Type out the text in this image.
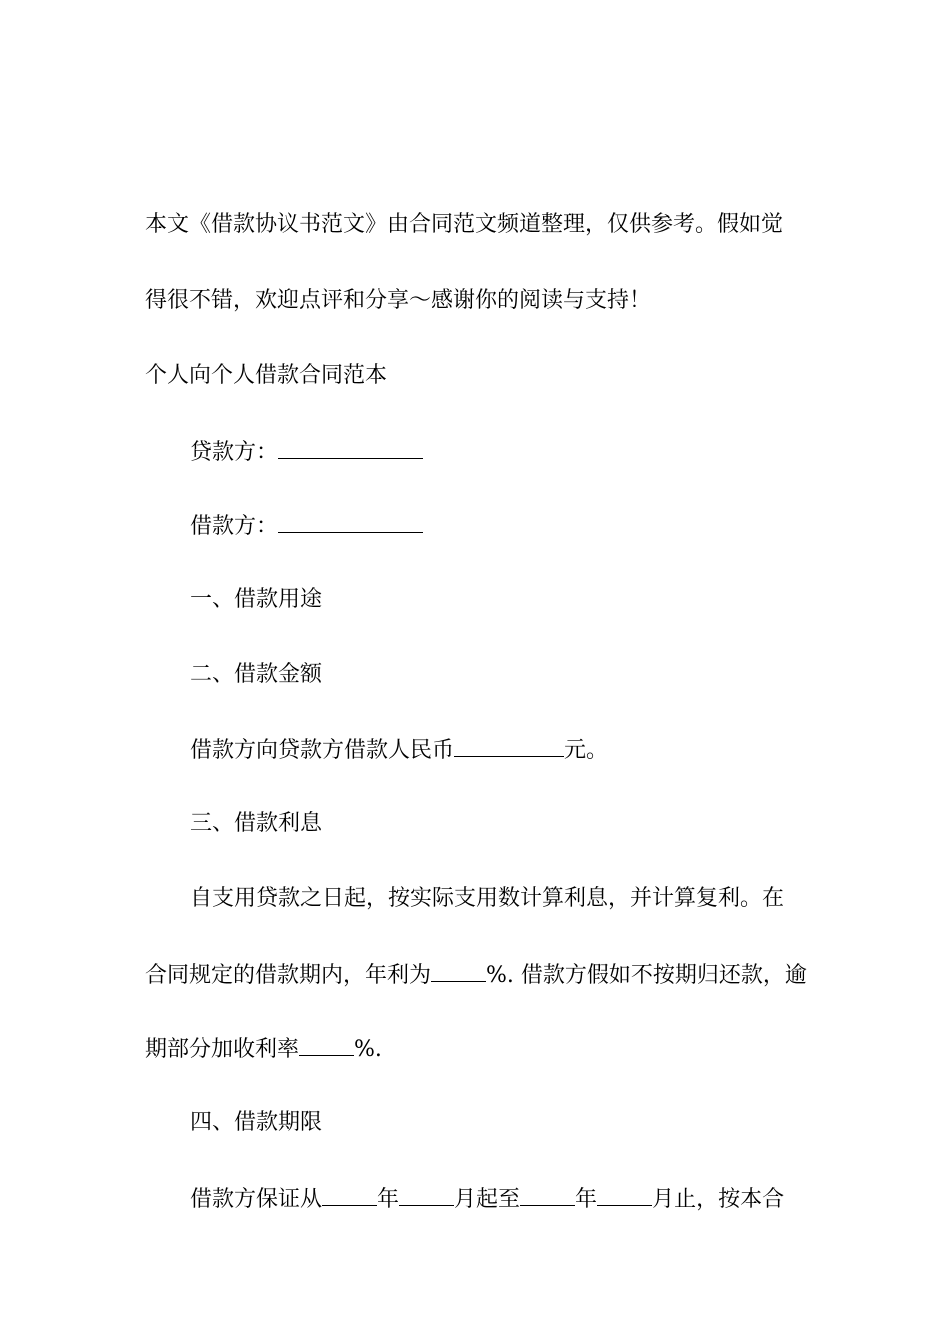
本文《借款协议书范文》由合同范文频道整理，仅供参考。假如觉
得很不错，欢迎点评和分享～感谢你的阅读与支持！
个人向个人借款合同范本
贷款方：
借款方：
一、借款用途
二、借款金额
借款方向贷款方借款人民币	元。
三、借款利息
自支用贷款之日起，按实际支用数计算利息，并计算复利。在
合同规定的借款期内，年利为	%. 借款方假如不按期归还款，逾
期部分加收利率	%.
四、借款期限
借款方保证从	年	月起至	年	月止，按本合
